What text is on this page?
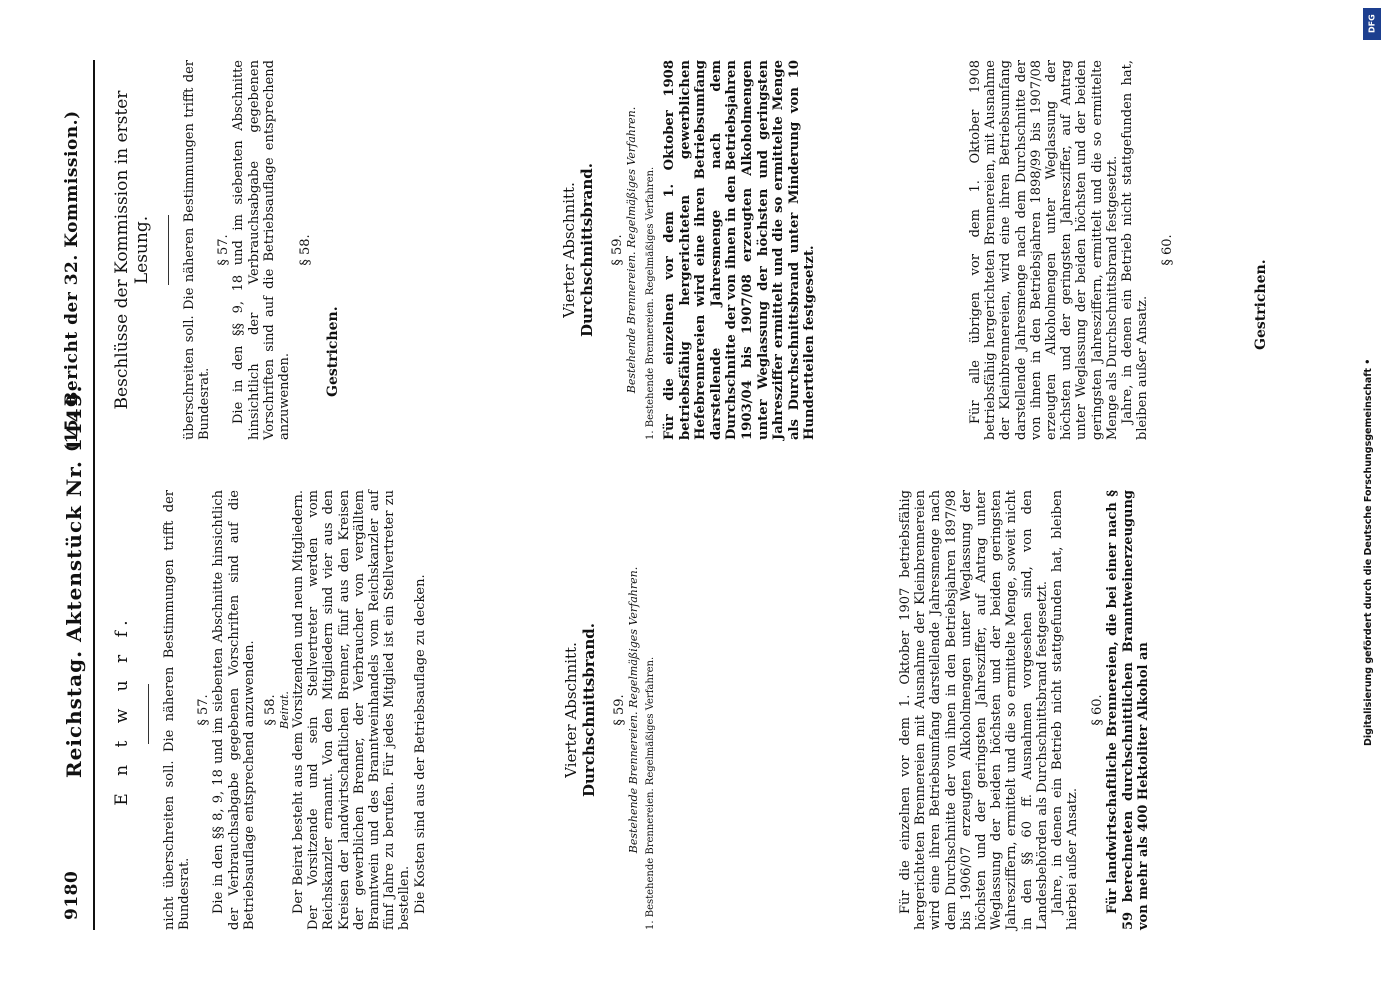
9180
Reichstag. Aktenstück Nr. 1449.
(15. Bericht der 32. Kommission.)
E n t w u r f. nicht überschreiten soll. Die näheren Bestimmungen trifft der Bundesrat.

§ 57. Die in den §§ 8, 9, 18 und im siebenten Abschnitte hinsichtlich der Verbrauchsabgabe gegebenen Vorschriften sind auf die Betriebsauflage entsprechend anzuwenden. § 58. Beirat. Der Beirat besteht aus dem Vorsitzenden und neun Mitgliedern. Der Vorsitzende und sein Stellvertreter werden vom Reichskanzler ernannt. Von den Mitgliedern sind vier aus den Kreisen der landwirtschaftlichen Brenner, fünf aus den Kreisen der gewerblichen Brenner, der Verbraucher von vergälltem Branntwein und des Branntweinhandels vom Reichskanzler auf fünf Jahre zu berufen. Für jedes Mitglied ist ein Stellvertreter zu bestellen. Die Kosten sind aus der Betriebsauflage zu decken.	Vierter Abschnitt. Durchschnittsbrand. § 59. Bestehende Brennereien. Regelmäßiges Verfahren. 1. Bestehende Brennereien. Regelmäßiges Verfahren.	Für die einzelnen vor dem 1. Oktober 1907 betriebsfähig hergerichteten Brennereien mit Ausnahme der Kleinbrennereien wird eine ihren Betriebsumfang darstellende Jahresmenge nach dem Durchschnitte der von ihnen in den Betriebsjahren 1897/98 bis 1906/07 erzeugten Alkoholmengen unter Weglassung der höchsten und der geringsten Jahresziffer, auf Antrag unter Weglassung der beiden höchsten und der beiden geringsten Jahresziffern, ermittelt und die so ermittelte Menge, soweit nicht in den §§ 60 ff. Ausnahmen vorgesehen sind, von den Landesbehörden als Durchschnittsbrand festgesetzt. Jahre, in denen ein Betrieb nicht stattgefunden hat, bleiben hierbei außer Ansatz.

§ 60. Für landwirtschaftliche Brennereien, die bei einer nach § 59 berechneten durchschnittlichen Branntweinerzeugung von mehr als 400 Hektoliter Alkohol an

Beschlüsse der Kommission in erster Lesung. überschreiten soll. Die näheren Bestimmungen trifft der Bundesrat.

§ 57. Die in den §§ 9, 18 und im siebenten Abschnitte hinsichtlich der Verbrauchsabgabe gegebenen Vorschriften sind auf die Betriebsauflage entsprechend anzuwenden.

§ 58.
Gestrichen.
Vierter Abschnitt. Durchschnittsbrand. § 59. Bestehende Brennereien. Regelmäßiges Verfahren. 1. Bestehende Brennereien. Regelmäßiges Verfahren. Für die einzelnen vor dem 1. Oktober 1908 betriebsfähig hergerichteten gewerblichen Hefebrennereien wird eine ihren Betriebsumfang darstellende Jahresmenge nach dem Durchschnitte der von ihnen in den Betriebsjahren 1903/04 bis 1907/08 erzeugten Alkoholmengen unter Weglassung der höchsten und geringsten Jahresziffer ermittelt und die so ermittelte Menge als Durchschnittsbrand unter Minderung von 10 Hundertteilen festgesetzt.	Für alle übrigen vor dem 1. Oktober 1908 betriebsfähig hergerichteten Brennereien, mit Ausnahme der Kleinbrennereien, wird eine ihren Betriebsumfang darstellende Jahresmenge nach dem Durchschnitte der von ihnen in den Betriebsjahren 1898/99 bis 1907/08 erzeugten Alkoholmengen unter Weglassung der höchsten und der geringsten Jahresziffer, auf Antrag unter Weglassung der beiden höchsten und der beiden geringsten Jahresziffern, ermittelt und die so ermittelte Menge als Durchschnittsbrand festgesetzt. Jahre, in denen ein Betrieb nicht stattgefunden hat, bleiben außer Ansatz.

§ 60.
Gestrichen.
DFG
Digitalisierung gefördert durch die Deutsche Forschungsgemeinschaft •
